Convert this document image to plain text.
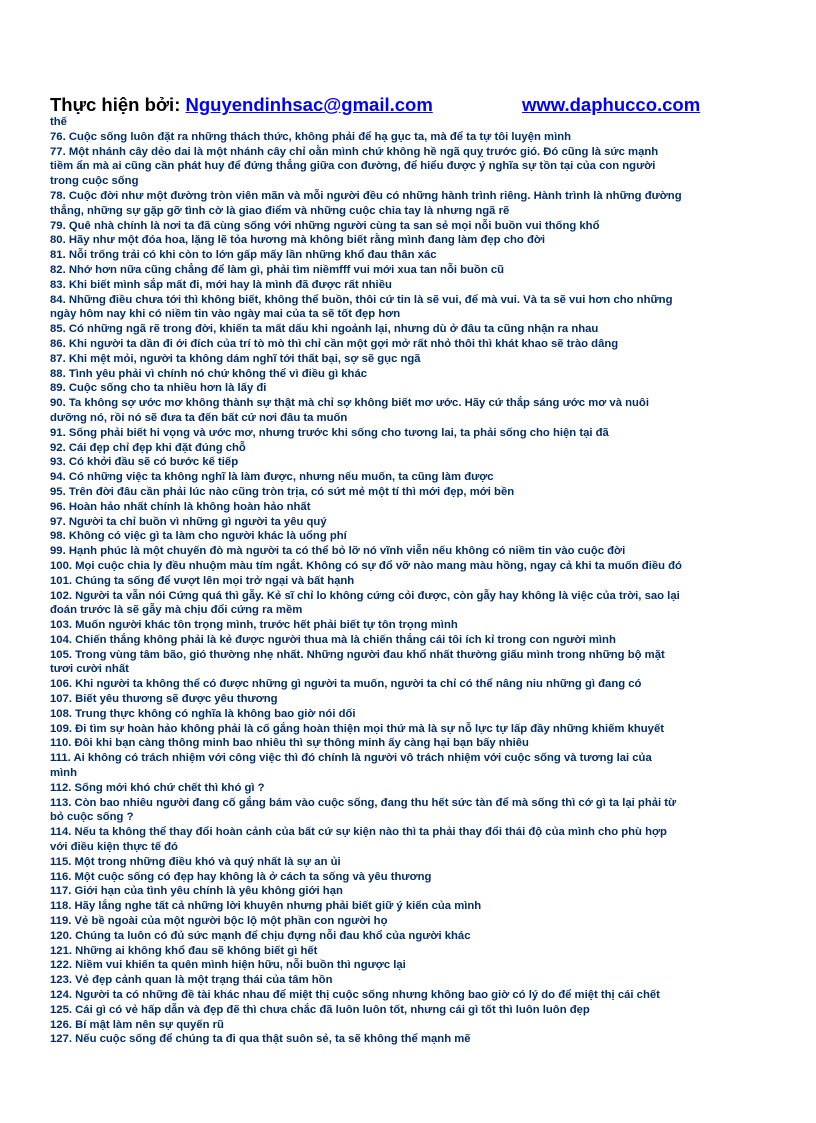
Thực hiện bởi: Nguyendinhsac@gmail.com	www.daphucco.com
thế
76. Cuộc sống luôn đặt ra những thách thức, không phải để hạ gục ta, mà để ta tự tôi luyện mình
77. Một nhánh cây dẻo dai là một nhánh cây chỉ oằn mình chứ không hề ngã quỵ trước gió. Đó cũng là sức mạnh
tiềm ẩn mà ai cũng cần phát huy để đứng thẳng giữa con đường, để hiểu được ý nghĩa sự tồn tại của con người
trong cuộc sống
78. Cuộc đời như một đường tròn viên mãn và mỗi người đều có những hành trình riêng. Hành trình là những đường
thẳng, những sự gặp gỡ tình cờ là giao điểm và những cuộc chia tay là nhưng ngã rẽ
79. Quê nhà chính là nơi ta đã cùng sống với những người cùng ta san sẻ mọi nỗi buồn vui thống khổ
80. Hãy như một đóa hoa, lặng lẽ tỏa hương mà không biết rằng mình đang làm đẹp cho đời
81. Nỗi trống trải có khi còn to lớn gấp mấy lần những khổ đau thân xác
82. Nhớ hơn nữa cũng chẳng để làm gì, phải tìm niềmfff vui mới xua tan nỗi buồn cũ
83. Khi biết mình sắp mất đi, mới hay là mình đã được rất nhiều
84. Những điều chưa tới thì không biết, không thể buồn, thôi cứ tin là sẽ vui, để mà vui. Và ta sẽ vui hơn cho những
ngày hôm nay khi có niềm tin vào ngày mai của ta sẽ tốt đẹp hơn
85. Có những ngã rẽ trong đời, khiến ta mất dấu khi ngoảnh lại, nhưng dù ở đâu ta cũng nhận ra nhau
86. Khi người ta dần đi ới đích của trí tò mò thì chỉ cần một gợi mở rất nhỏ thôi thì khát khao sẽ trào dâng
87. Khi mệt mỏi, người ta không dám nghĩ tới thất bại, sợ sẽ gục ngã
88. Tình yêu phải vì chính nó chứ không thể vì điều gì khác
89. Cuộc sống cho ta nhiều hơn là lấy đi
90. Ta không sợ ước mơ không thành sự thật mà chỉ sợ không biết mơ ước. Hãy cứ thắp sáng ước mơ và nuôi
dưỡng nó, rồi nó sẽ đưa ta đến bất cứ nơi đâu ta muốn
91. Sống phải biết hi vọng và ước mơ, nhưng trước khi sống cho tương lai, ta phải sống cho hiện tại đã
92. Cái đẹp chỉ đẹp khi đặt đúng chỗ
93. Có khởi đầu sẽ có bước kế tiếp
94. Có những việc ta không nghĩ là làm được, nhưng nếu muốn, ta cũng làm được
95. Trên đời đâu cần phải lúc nào cũng tròn trịa, có sứt mẻ một tí thì mới đẹp, mới bền
96. Hoàn hảo nhất chính là không hoàn hảo nhất
97. Người ta chỉ buồn vì những gì người ta yêu quý
98. Không có việc gì ta làm cho người khác là uổng phí
99. Hạnh phúc là một chuyến đò mà người ta có thể bỏ lỡ nó vĩnh viễn nếu không có niềm tin vào cuộc đời
100. Mọi cuộc chia ly đều nhuộm màu tím ngắt. Không có sự đổ vỡ nào mang màu hồng, ngay cả khi ta muốn điều đó
101. Chúng ta sống để vượt lên mọi trở ngại và bất hạnh
102. Người ta vẫn nói Cứng quá thì gẫy. Kẻ sĩ chỉ lo không cứng cỏi được, còn gẫy hay không là việc của trời, sao lại
đoán trước là sẽ gẫy mà chịu đổi cứng ra mềm
103. Muốn người khác tôn trọng mình, trước hết phải biết tự tôn trọng mình
104. Chiến thắng không phải là kẻ được người thua mà là chiến thắng cái tôi ích kỉ trong con người mình
105. Trong vùng tâm bão, gió thường nhẹ nhất. Những người đau khổ nhất thường giấu mình trong những bộ mặt
tươi cười nhất
106. Khi người ta không thể có được những gì người ta muốn, người ta chỉ có thể nâng niu những gì đang có
107. Biết yêu thương sẽ được yêu thương
108. Trung thực không có nghĩa là không bao giờ nói dối
109. Đi tìm sự hoàn hảo không phải là cố gắng hoàn thiện mọi thứ mà là sự nỗ lực tự lấp đầy những khiếm khuyết
110. Đôi khi bạn càng thông minh bao nhiêu thì sự thông minh ấy càng hại bạn bấy nhiêu
111. Ai không có trách nhiệm với công việc thì đó chính là người vô trách nhiệm với cuộc sống và tương lai của
mình
112. Sống mới khó chứ chết thì khó gì ?
113. Còn bao nhiêu người đang cố gắng bám vào cuộc sống, đang thu hết sức tàn để mà sống thì cớ gì ta lại phải từ
bỏ cuộc sống ?
114. Nếu ta không thể thay đổi hoàn cảnh của bất cứ sự kiện nào thì ta phải thay đổi thái độ của mình cho phù hợp
với điều kiện thực tế đó
115. Một trong những điều khó và quý nhất là sự an ủi
116. Một cuộc sống có đẹp hay không là ở cách ta sống và yêu thương
117. Giới hạn của tình yêu chính là yêu không giới hạn
118. Hãy lắng nghe tất cả những lời khuyên nhưng phải biết giữ ý kiến của mình
119. Vẻ bề ngoài của một người bộc lộ một phần con người họ
120. Chúng ta luôn có đủ sức mạnh để chịu đựng nỗi đau khổ của người khác
121. Những ai không khổ đau sẽ không biết gì hết
122. Niềm vui khiến ta quên mình hiện hữu, nỗi buồn thì ngược lại
123. Vẻ đẹp cảnh quan là một trạng thái của tâm hồn
124. Người ta có những đề tài khác nhau để miệt thị cuộc sống nhưng không bao giờ có lý do để miệt thị cái chết
125. Cái gì có vẻ hấp dẫn và đẹp đẽ thì chưa chắc đã luôn luôn tốt, nhưng cái gì tốt thì luôn luôn đẹp
126. Bí mật làm nên sự quyến rũ
127. Nếu cuộc sống để chúng ta đi qua thật suôn sẻ, ta sẽ không thể mạnh mẽ
